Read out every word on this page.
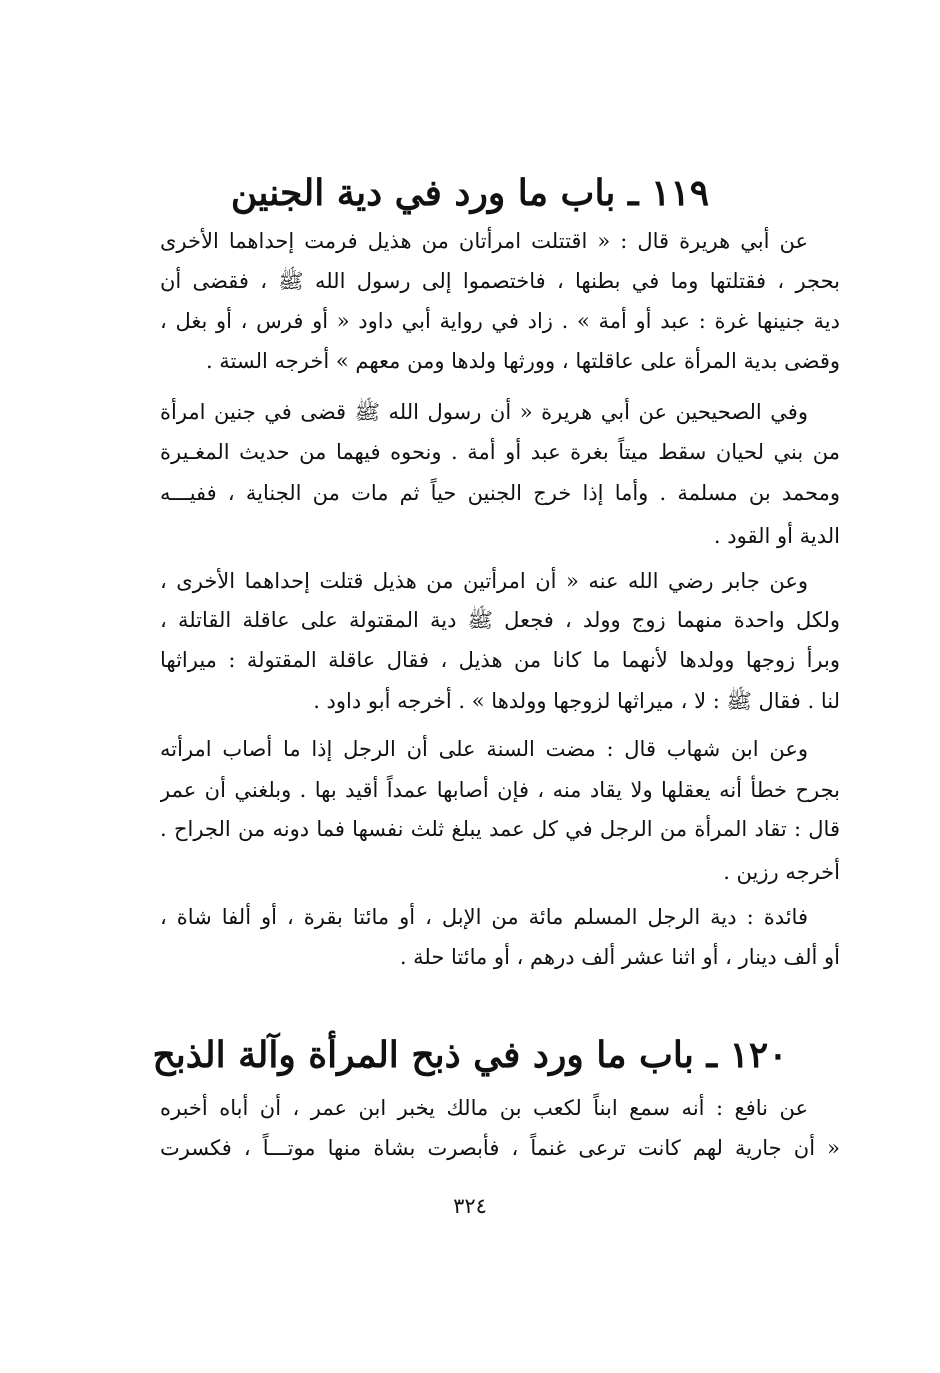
١١٩ ـ باب ما ورد في دية الجنين
عن أبي هريرة قال : « اقتتلت امرأتان من هذيل فرمت إحداهما الأخرى
بحجر ، فقتلتها وما في بطنها ، فاختصموا إلى رسول الله ﷺ ، فقضى أن
دية جنينها غرة : عبد أو أمة » . زاد في رواية أبي داود « أو فرس ، أو بغل ،
وقضى بدية المرأة على عاقلتها ، وورثها ولدها ومن معهم » أخرجه الستة .
وفي الصحيحين عن أبي هريرة « أن رسول الله ﷺ قضى في جنين امرأة
من بني لحيان سقط ميتاً بغرة عبد أو أمة . ونحوه فيهما من حديث المغـيرة
ومحمد بن مسلمة . وأما إذا خرج الجنين حياً ثم مات من الجناية ، ففيـــه
الدية أو القود .
وعن جابر رضي الله عنه « أن امرأتين من هذيل قتلت إحداهما الأخرى ،
ولكل واحدة منهما زوج وولد ، فجعل ﷺ دية المقتولة على عاقلة القاتلة ،
وبرأ زوجها وولدها لأنهما ما كانا من هذيل ، فقال عاقلة المقتولة : ميراثها
لنا . فقال ﷺ : لا ، ميراثها لزوجها وولدها » . أخرجه أبو داود .
وعن ابن شهاب قال : مضت السنة على أن الرجل إذا ما أصاب امرأته
بجرح خطأً أنه يعقلها ولا يقاد منه ، فإن أصابها عمداً أقيد بها . وبلغني أن عمر
قال : تقاد المرأة من الرجل في كل عمد يبلغ ثلث نفسها فما دونه من الجراح .
أخرجه رزين .
فائدة : دية الرجل المسلم مائة من الإبل ، أو مائتا بقرة ، أو ألفا شاة ،
أو ألف دينار ، أو اثنا عشر ألف درهم ، أو مائتا حلة .
١٢٠ ـ باب ما ورد في ذبح المرأة وآلة الذبح
عن نافع : أنه سمع ابناً لكعب بن مالك يخبر ابن عمر ، أن أباه أخبره
« أن جارية لهم كانت ترعى غنماً ، فأبصرت بشاة منها موتـــاً ، فكسرت
٣٢٤
